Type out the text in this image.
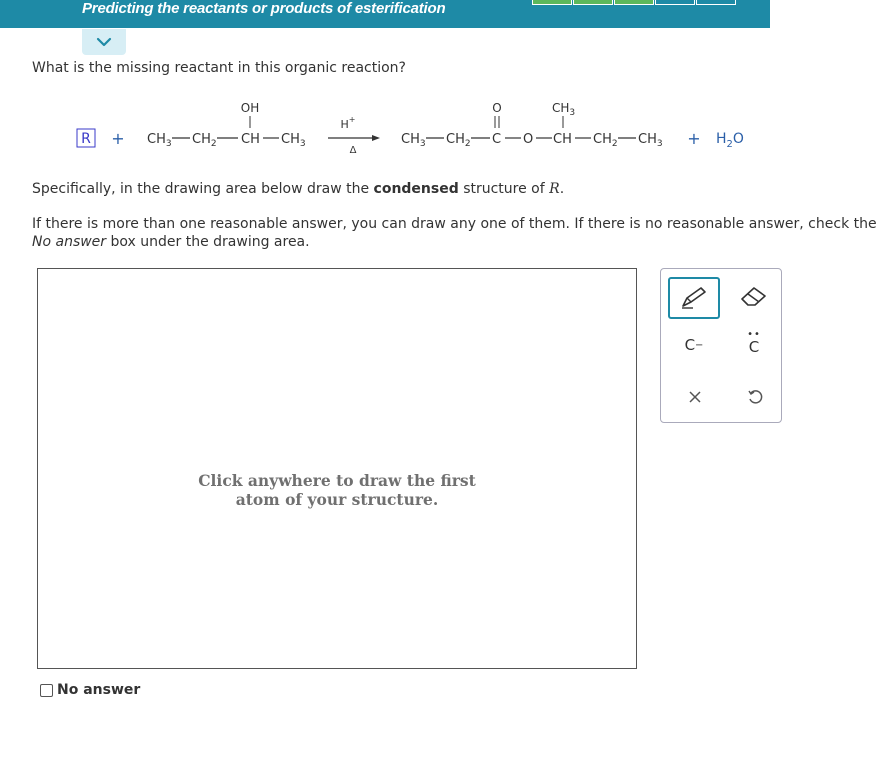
Predicting the reactants or products of esterification
What is the missing reactant in this organic reaction?
$R + CH_3$ $CH_2$ CH $CH_3$
OH
H+
Δ
$CH_3$ $CH_2$ C
O
O CH
$CH_3$
$CH_2$ $CH_3 + H_2O$
Specifically, in the drawing area below draw the condensed structure of R.
If there is more than one reasonable answer, you can draw any one of them. If there is no reasonable answer, check the
No answer box under the drawing area.
Click anywhere to draw the first
atom of your structure.
C −
••
C
No answer
